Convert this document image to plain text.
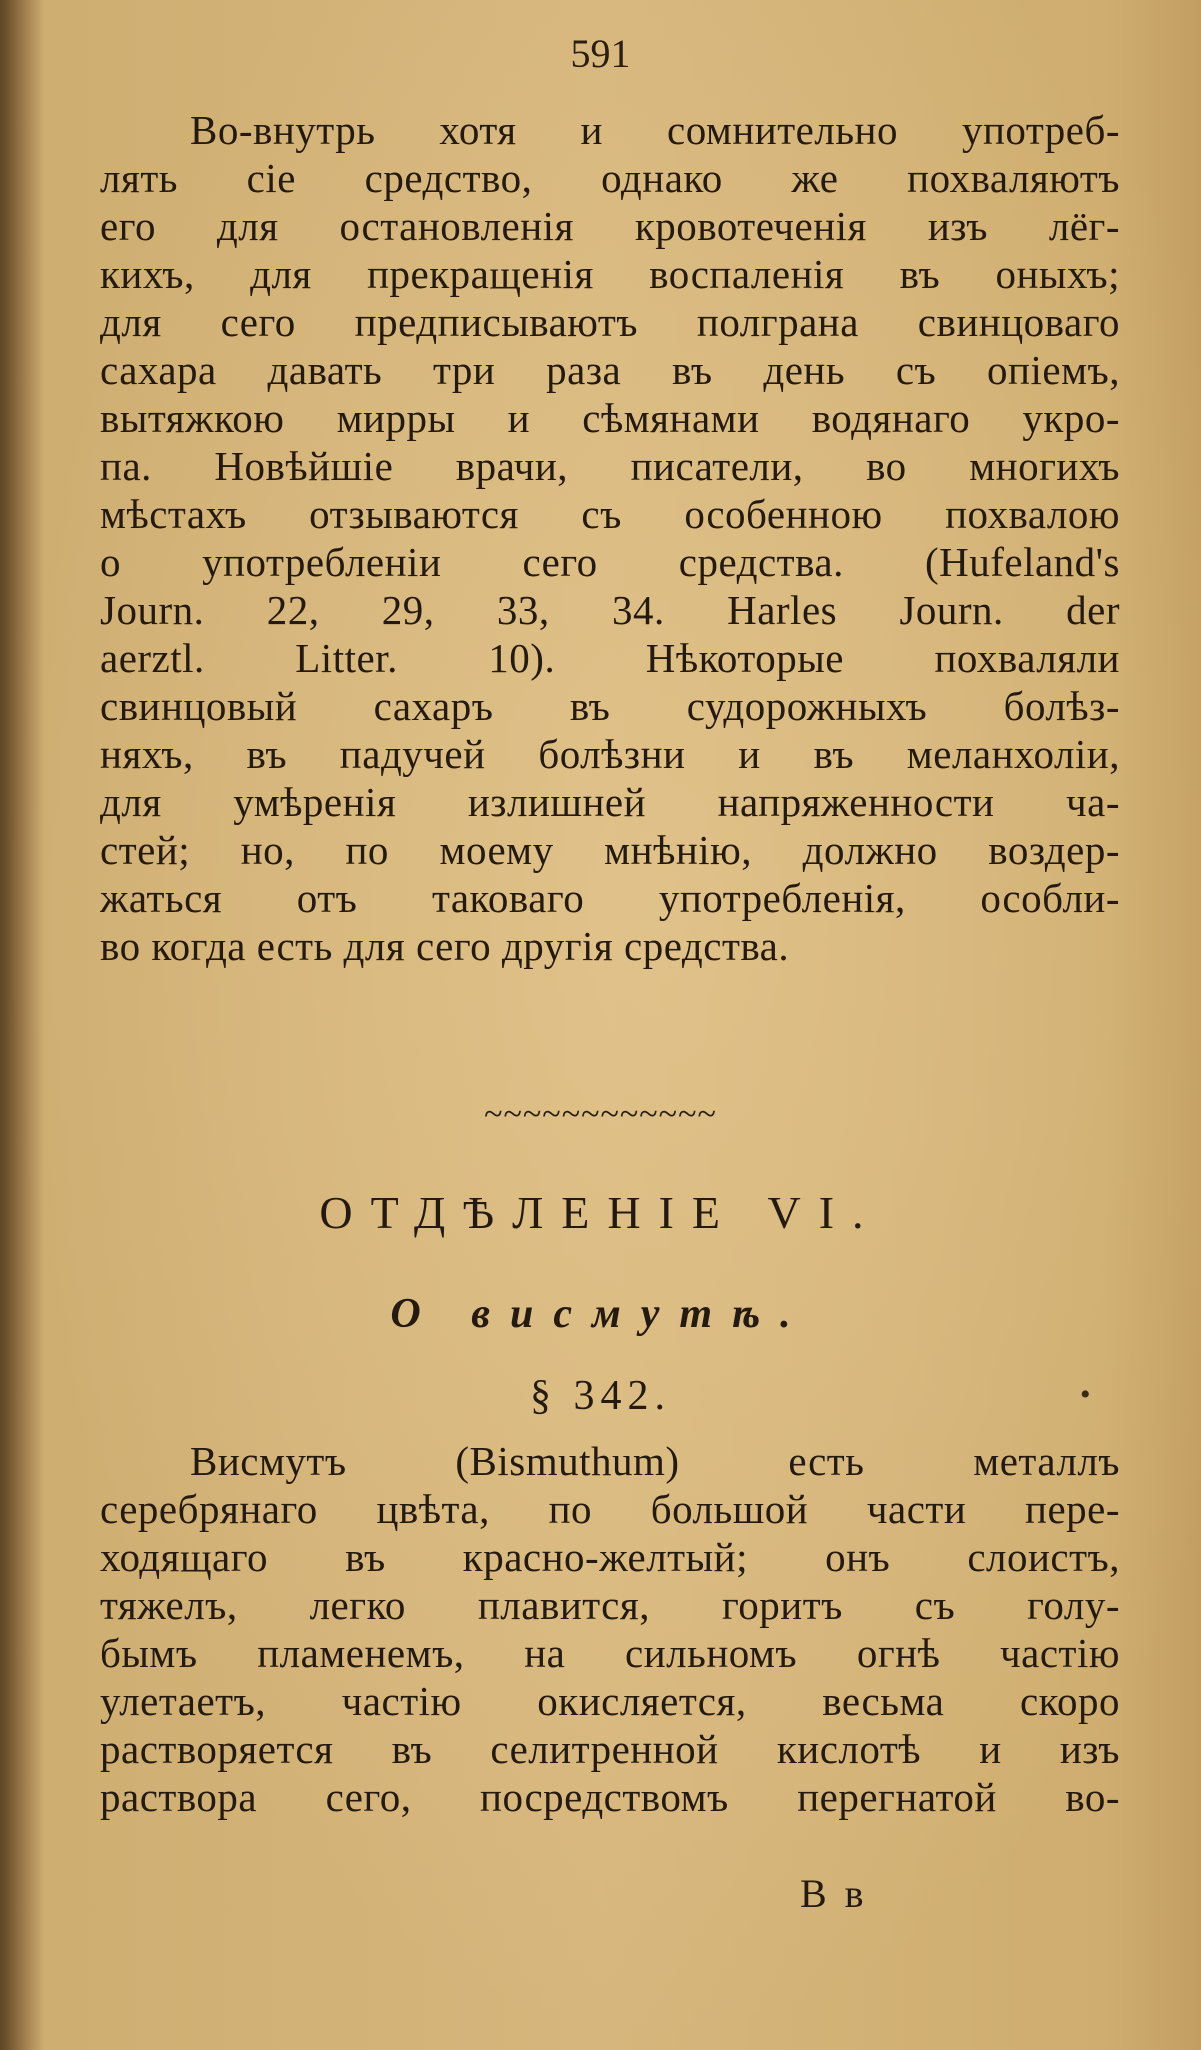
591
Во-внутрь хотя и сомнительно употреб-
лять сіе средство, однако же похваляютъ
его для остановленія кровотеченія изъ лёг-
кихъ, для прекращенія воспаленія въ оныхъ;
для сего предписываютъ полграна свинцоваго
сахара давать три раза въ день съ опіемъ,
вытяжкою мирры и сѣмянами водянаго укро-
па. Новѣйшіе врачи, писатели, во многихъ
мѣстахъ отзываются съ особенною похвалою
о употребленіи сего средства. (Hufeland's
Journ. 22, 29, 33, 34. Harles Journ. der
aerztl. Litter. 10). Нѣкоторые похваляли
свинцовый сахаръ въ судорожныхъ болѣз-
няхъ, въ падучей болѣзни и въ меланхоліи,
для умѣренія излишней напряженности ча-
стей; но, по моему мнѣнію, должно воздер-
жаться отъ таковаго употребленія, особли-
во когда есть для сего другія средства.
~~~~~~~~~~~~
ОТДѢЛЕНІЕ VI.
О висмутѣ.
§ 342.	•
Висмутъ (Bismuthum) есть металлъ
серебрянаго цвѣта, по большой части пере-
ходящаго въ красно-желтый; онъ слоистъ,
тяжелъ, легко плавится, горитъ съ голу-
бымъ пламенемъ, на сильномъ огнѣ частію
улетаетъ, частію окисляется, весьма скоро
растворяется въ селитренной кислотѣ и изъ
раствора сего, посредствомъ перегнатой во-
В в
